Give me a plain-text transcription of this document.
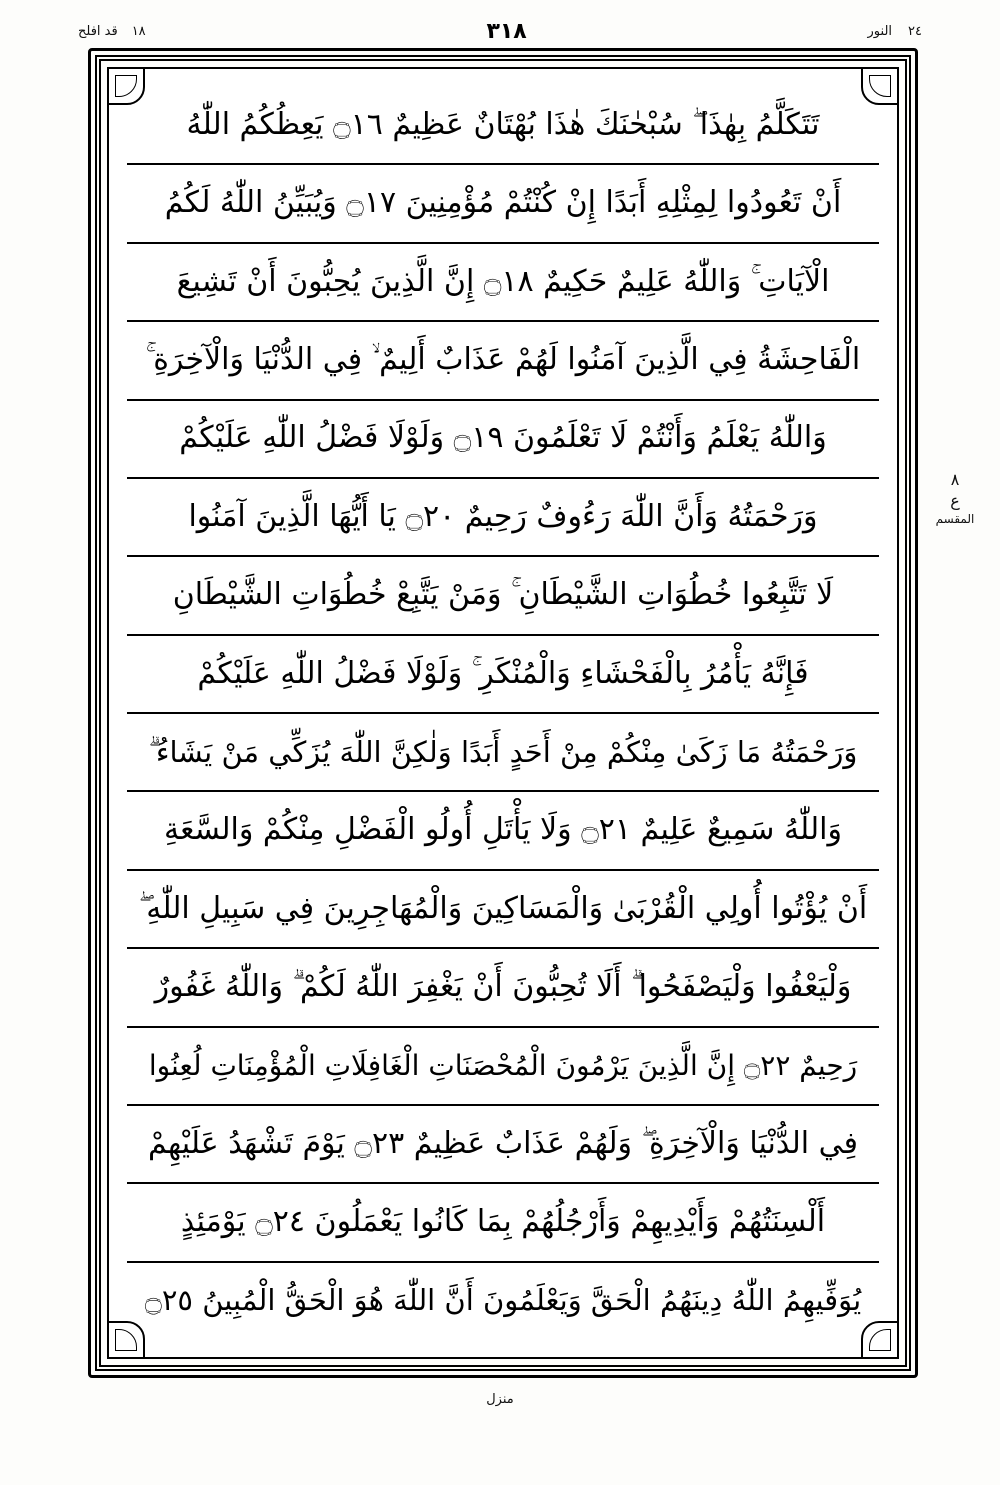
٢٤
النور
٣١٨
١٨
قد افلح
تَتَكَلَّمُ بِهٰذَا ۖ سُبْحٰنَكَ هٰذَا بُهْتَانٌ عَظِيمٌ ۝١٦ يَعِظُكُمُ اللّٰهُ
أَنْ تَعُودُوا لِمِثْلِهِ أَبَدًا إِنْ كُنْتُمْ مُؤْمِنِينَ ۝١٧ وَيُبَيِّنُ اللّٰهُ لَكُمُ
الْآيَاتِ ۚ وَاللّٰهُ عَلِيمٌ حَكِيمٌ ۝١٨ إِنَّ الَّذِينَ يُحِبُّونَ أَنْ تَشِيعَ
الْفَاحِشَةُ فِي الَّذِينَ آمَنُوا لَهُمْ عَذَابٌ أَلِيمٌ ۙ فِي الدُّنْيَا وَالْآخِرَةِ ۚ
وَاللّٰهُ يَعْلَمُ وَأَنْتُمْ لَا تَعْلَمُونَ ۝١٩ وَلَوْلَا فَضْلُ اللّٰهِ عَلَيْكُمْ
وَرَحْمَتُهُ وَأَنَّ اللّٰهَ رَءُوفٌ رَحِيمٌ ۝٢٠ يَا أَيُّهَا الَّذِينَ آمَنُوا
لَا تَتَّبِعُوا خُطُوَاتِ الشَّيْطَانِ ۚ وَمَنْ يَتَّبِعْ خُطُوَاتِ الشَّيْطَانِ
فَإِنَّهُ يَأْمُرُ بِالْفَحْشَاءِ وَالْمُنْكَرِ ۚ وَلَوْلَا فَضْلُ اللّٰهِ عَلَيْكُمْ
وَرَحْمَتُهُ مَا زَكَىٰ مِنْكُمْ مِنْ أَحَدٍ أَبَدًا وَلٰكِنَّ اللّٰهَ يُزَكِّي مَنْ يَشَاءُ ۗ
وَاللّٰهُ سَمِيعٌ عَلِيمٌ ۝٢١ وَلَا يَأْتَلِ أُولُو الْفَضْلِ مِنْكُمْ وَالسَّعَةِ
أَنْ يُؤْتُوا أُولِي الْقُرْبَىٰ وَالْمَسَاكِينَ وَالْمُهَاجِرِينَ فِي سَبِيلِ اللّٰهِ ۖ
وَلْيَعْفُوا وَلْيَصْفَحُوا ۗ أَلَا تُحِبُّونَ أَنْ يَغْفِرَ اللّٰهُ لَكُمْ ۗ وَاللّٰهُ غَفُورٌ
رَحِيمٌ ۝٢٢ إِنَّ الَّذِينَ يَرْمُونَ الْمُحْصَنَاتِ الْغَافِلَاتِ الْمُؤْمِنَاتِ لُعِنُوا
فِي الدُّنْيَا وَالْآخِرَةِ ۖ وَلَهُمْ عَذَابٌ عَظِيمٌ ۝٢٣ يَوْمَ تَشْهَدُ عَلَيْهِمْ
أَلْسِنَتُهُمْ وَأَيْدِيهِمْ وَأَرْجُلُهُمْ بِمَا كَانُوا يَعْمَلُونَ ۝٢٤ يَوْمَئِذٍ
يُوَفِّيهِمُ اللّٰهُ دِينَهُمُ الْحَقَّ وَيَعْلَمُونَ أَنَّ اللّٰهَ هُوَ الْحَقُّ الْمُبِينُ ۝٢٥
٨
ع
المقسم
منزل
